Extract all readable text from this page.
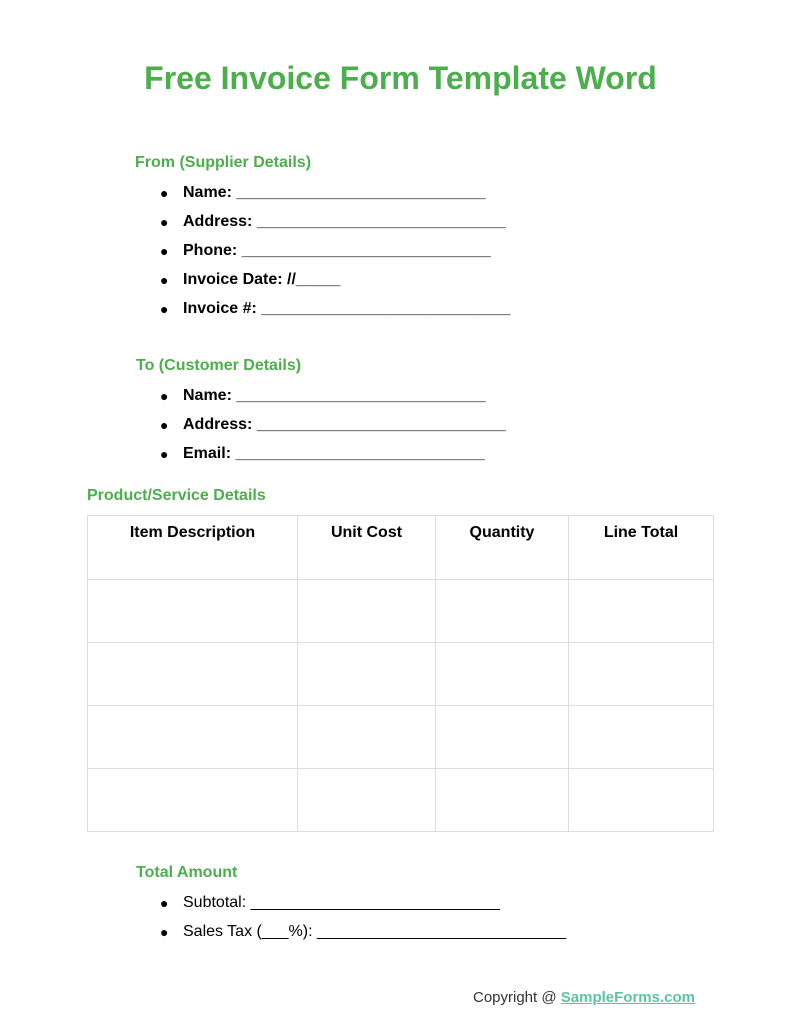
Free Invoice Form Template Word
From (Supplier Details)
● Name: ____________________________
● Address: ____________________________
● Phone: ____________________________
● Invoice Date: //_____
● Invoice #: ____________________________
To (Customer Details)
● Name: ____________________________
● Address: ____________________________
● Email: ____________________________
Product/Service Details
Item Description	Unit Cost	Quantity	Line Total

Total Amount
● Subtotal: ____________________________
● Sales Tax (___%): ____________________________
Copyright @ SampleForms.com
